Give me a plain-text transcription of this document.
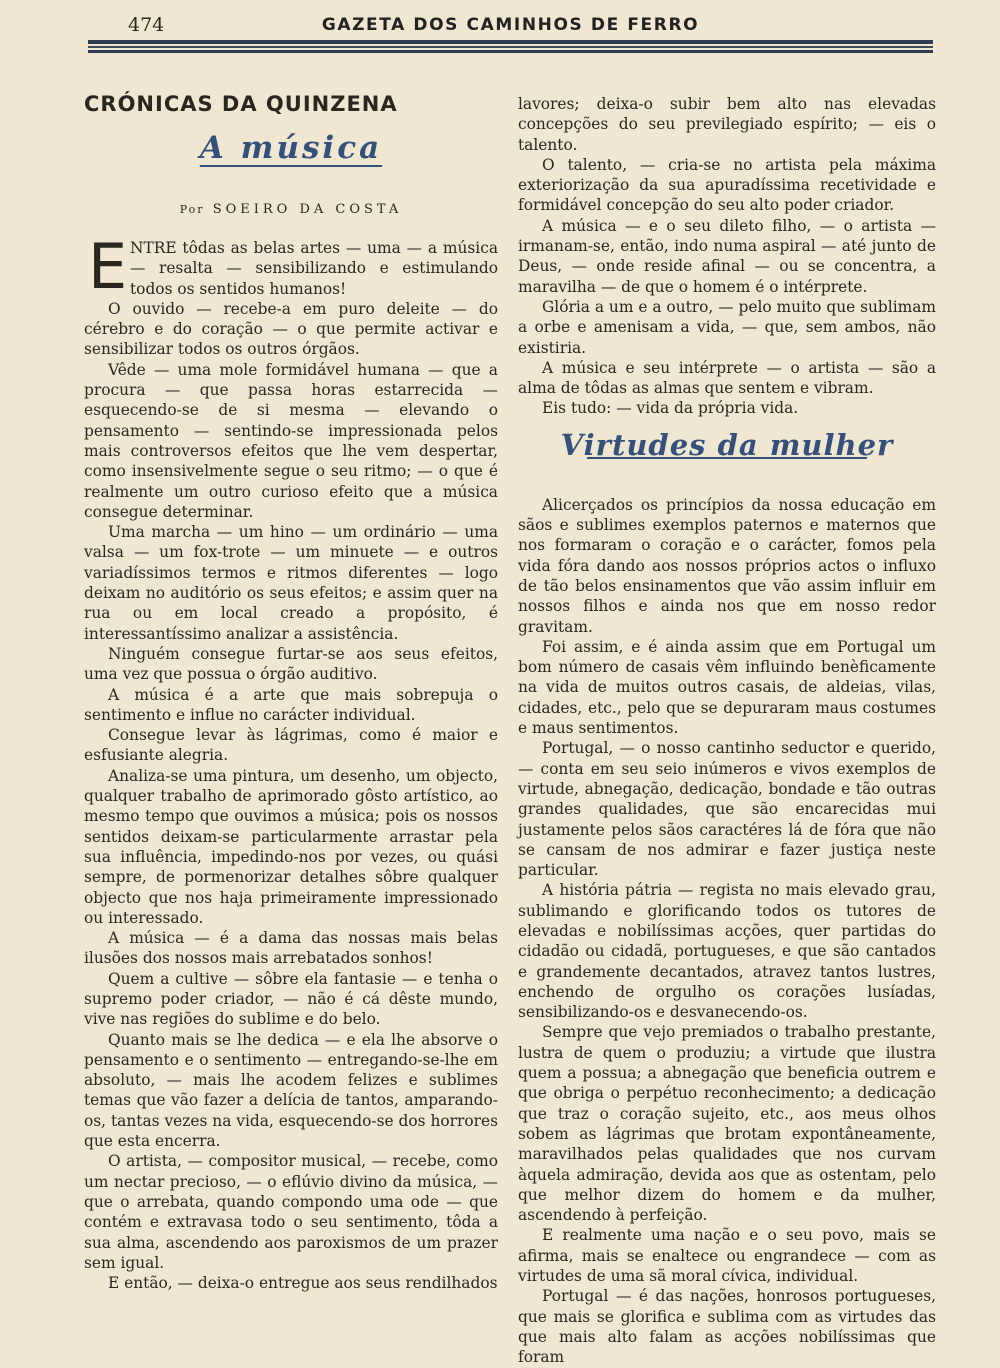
474	GAZETA DOS CAMINHOS DE FERRO
CRÓNICAS DA QUINZENA
A música
Por SOEIRO DA COSTA

E NTRE tôdas as belas artes — uma — a música — resalta — sensibilizando e estimulando todos os sentidos humanos!

O ouvido — recebe-a em puro deleite — do cérebro e do coração — o que permite activar e sensibilizar todos os outros órgãos.

Vêde — uma mole formidável humana — que a procura — que passa horas estarrecida — esquecendo-se de si mesma — elevando o pensamento — sentindo-se impressionada pelos mais controversos efeitos que lhe vem despertar, como insensivelmente segue o seu ritmo; — o que é realmente um outro curioso efeito que a música consegue determinar.

Uma marcha — um hino — um ordinário — uma valsa — um fox-trote — um minuete — e outros variadíssimos termos e ritmos diferentes — logo deixam no auditório os seus efeitos; e assim quer na rua ou em local creado a propósito, é interessantíssimo analizar a assistência.

Ninguém consegue furtar-se aos seus efeitos, uma vez que possua o órgão auditivo.

A música é a arte que mais sobrepuja o sentimento e influe no carácter individual.

Consegue levar às lágrimas, como é maior e esfusiante alegria.

Analiza-se uma pintura, um desenho, um objecto, qualquer trabalho de aprimorado gôsto artístico, ao mesmo tempo que ouvimos a música; pois os nossos sentidos deixam-se particularmente arrastar pela sua influência, impedindo-nos por vezes, ou quási sempre, de pormenorizar detalhes sôbre qualquer objecto que nos haja primeiramente impressionado ou interessado.

A música — é a dama das nossas mais belas ilusões dos nossos mais arrebatados sonhos!

Quem a cultive — sôbre ela fantasie — e tenha o supremo poder criador, — não é cá dêste mundo, vive nas regiões do sublime e do belo.

Quanto mais se lhe dedica — e ela lhe absorve o pensamento e o sentimento — entregando-se-lhe em absoluto, — mais lhe acodem felizes e sublimes temas que vão fazer a delícia de tantos, amparando-os, tantas vezes na vida, esquecendo-se dos horrores que esta encerra.

O artista, — compositor musical, — recebe, como um nectar precioso, — o eflúvio divino da música, — que o arrebata, quando compondo uma ode — que contém e extravasa todo o seu sentimento, tôda a sua alma, ascendendo aos paroxismos de um prazer sem igual.

E então, — deixa-o entregue aos seus rendilhados

lavores; deixa-o subir bem alto nas elevadas concepções do seu previlegiado espírito; — eis o talento.

O talento, — cria-se no artista pela máxima exteriorização da sua apuradíssima recetividade e formidável concepção do seu alto poder criador.

A música — e o seu dileto filho, — o artista — irmanam-se, então, indo numa aspiral — até junto de Deus, — onde reside afinal — ou se concentra, a maravilha — de que o homem é o intérprete.

Glória a um e a outro, — pelo muito que sublimam a orbe e amenisam a vida, — que, sem ambos, não existiria.

A música e seu intérprete — o artista — são a alma de tôdas as almas que sentem e vibram.

Eis tudo: — vida da própria vida.

Virtudes da mulher

Alicerçados os princípios da nossa educação em sãos e sublimes exemplos paternos e maternos que nos formaram o coração e o carácter, fomos pela vida fóra dando aos nossos próprios actos o influxo de tão belos ensinamentos que vão assim influir em nossos filhos e ainda nos que em nosso redor gravitam.

Foi assim, e é ainda assim que em Portugal um bom número de casais vêm influindo benèficamente na vida de muitos outros casais, de aldeias, vilas, cidades, etc., pelo que se depuraram maus costumes e maus sentimentos.

Portugal, — o nosso cantinho seductor e querido, — conta em seu seio inúmeros e vivos exemplos de virtude, abnegação, dedicação, bondade e tão outras grandes qualidades, que são encarecidas mui justamente pelos sãos caractéres lá de fóra que não se cansam de nos admirar e fazer justiça neste particular.

A história pátria — regista no mais elevado grau, sublimando e glorificando todos os tutores de elevadas e nobilíssimas acções, quer partidas do cidadão ou cidadã, portugueses, e que são cantados e grandemente decantados, atravez tantos lustres, enchendo de orgulho os corações lusíadas, sensibilizando-os e desvanecendo-os.

Sempre que vejo premiados o trabalho prestante, lustra de quem o produziu; a virtude que ilustra quem a possua; a abnegação que beneficia outrem e que obriga o perpétuo reconhecimento; a dedicação que traz o coração sujeito, etc., aos meus olhos sobem as lágrimas que brotam expontâneamente, maravilhados pelas qualidades que nos curvam àquela admiração, devida aos que as ostentam, pelo que melhor dizem do homem e da mulher, ascendendo à perfeição.

E realmente uma nação e o seu povo, mais se afirma, mais se enaltece ou engrandece — com as virtudes de uma sã moral cívica, individual.

Portugal — é das nações, honrosos portugueses, que mais se glorifica e sublima com as virtudes das que mais alto falam as acções nobilíssimas que foram
